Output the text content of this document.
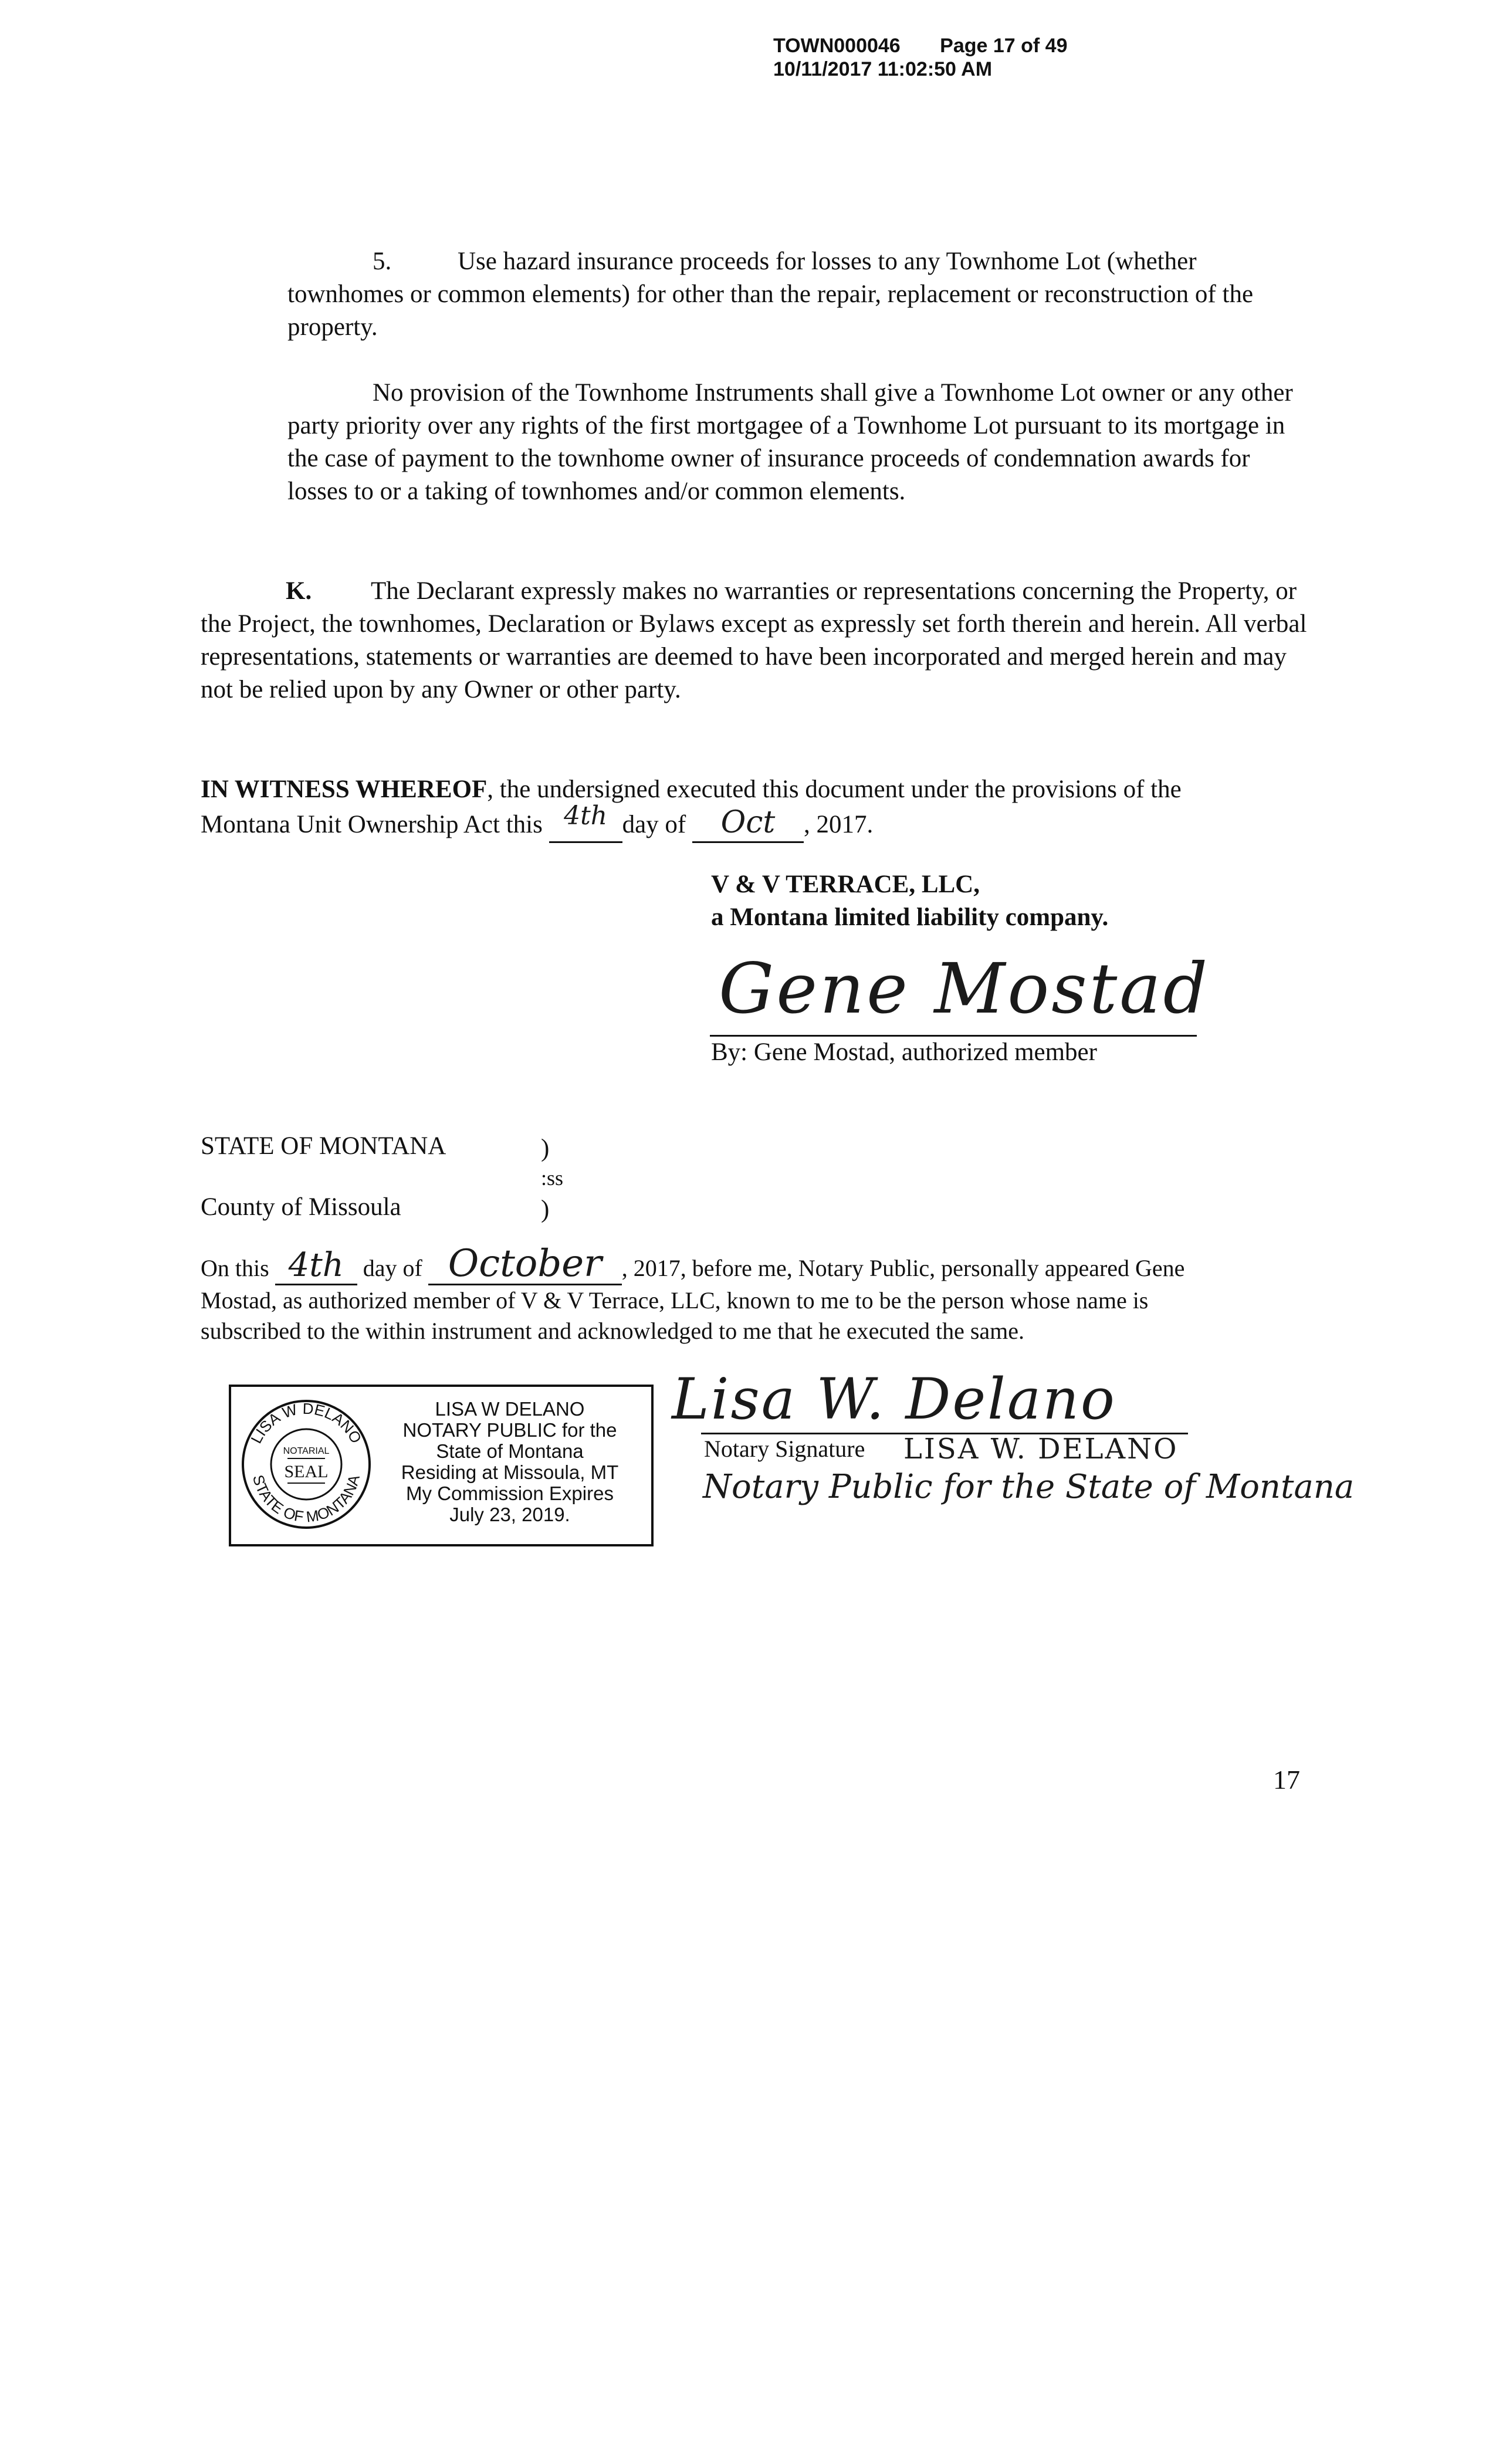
TOWN000046 Page 17 of 49
10/11/2017 11:02:50 AM
5.	Use hazard insurance proceeds for losses to any Townhome Lot (whether townhomes or common elements) for other than the repair, replacement or reconstruction of the property.
No provision of the Townhome Instruments shall give a Townhome Lot owner or any other party priority over any rights of the first mortgagee of a Townhome Lot pursuant to its mortgage in the case of payment to the townhome owner of insurance proceeds of condemnation awards for losses to or a taking of townhomes and/or common elements.
K. The Declarant expressly makes no warranties or representations concerning the Property, or the Project, the townhomes, Declaration or Bylaws except as expressly set forth therein and herein. All verbal representations, statements or warranties are deemed to have been incorporated and merged herein and may not be relied upon by any Owner or other party.
IN WITNESS WHEREOF, the undersigned executed this document under the provisions of the
Montana Unit Ownership Act this 4th day of Oct , 2017.
V & V TERRACE, LLC,
a Montana limited liability company.
Gene Mostad
By: Gene Mostad, authorized member
STATE OF MONTANA	)
:ss
County of Missoula	)
On this 4th day of October , 2017, before me, Notary Public, personally appeared Gene
Mostad, as authorized member of V & V Terrace, LLC, known to me to be the person whose name is
subscribed to the within instrument and acknowledged to me that he executed the same.
LISA W DELANO
STATE OF MONTANA
NOTARIAL
SEAL
LISA W DELANO
NOTARY PUBLIC for the
State of Montana
Residing at Missoula, MT
My Commission Expires
July 23, 2019.
Lisa W. Delano
Notary Signature LISA W. DELANO
Notary Public for the State of Montana
17
